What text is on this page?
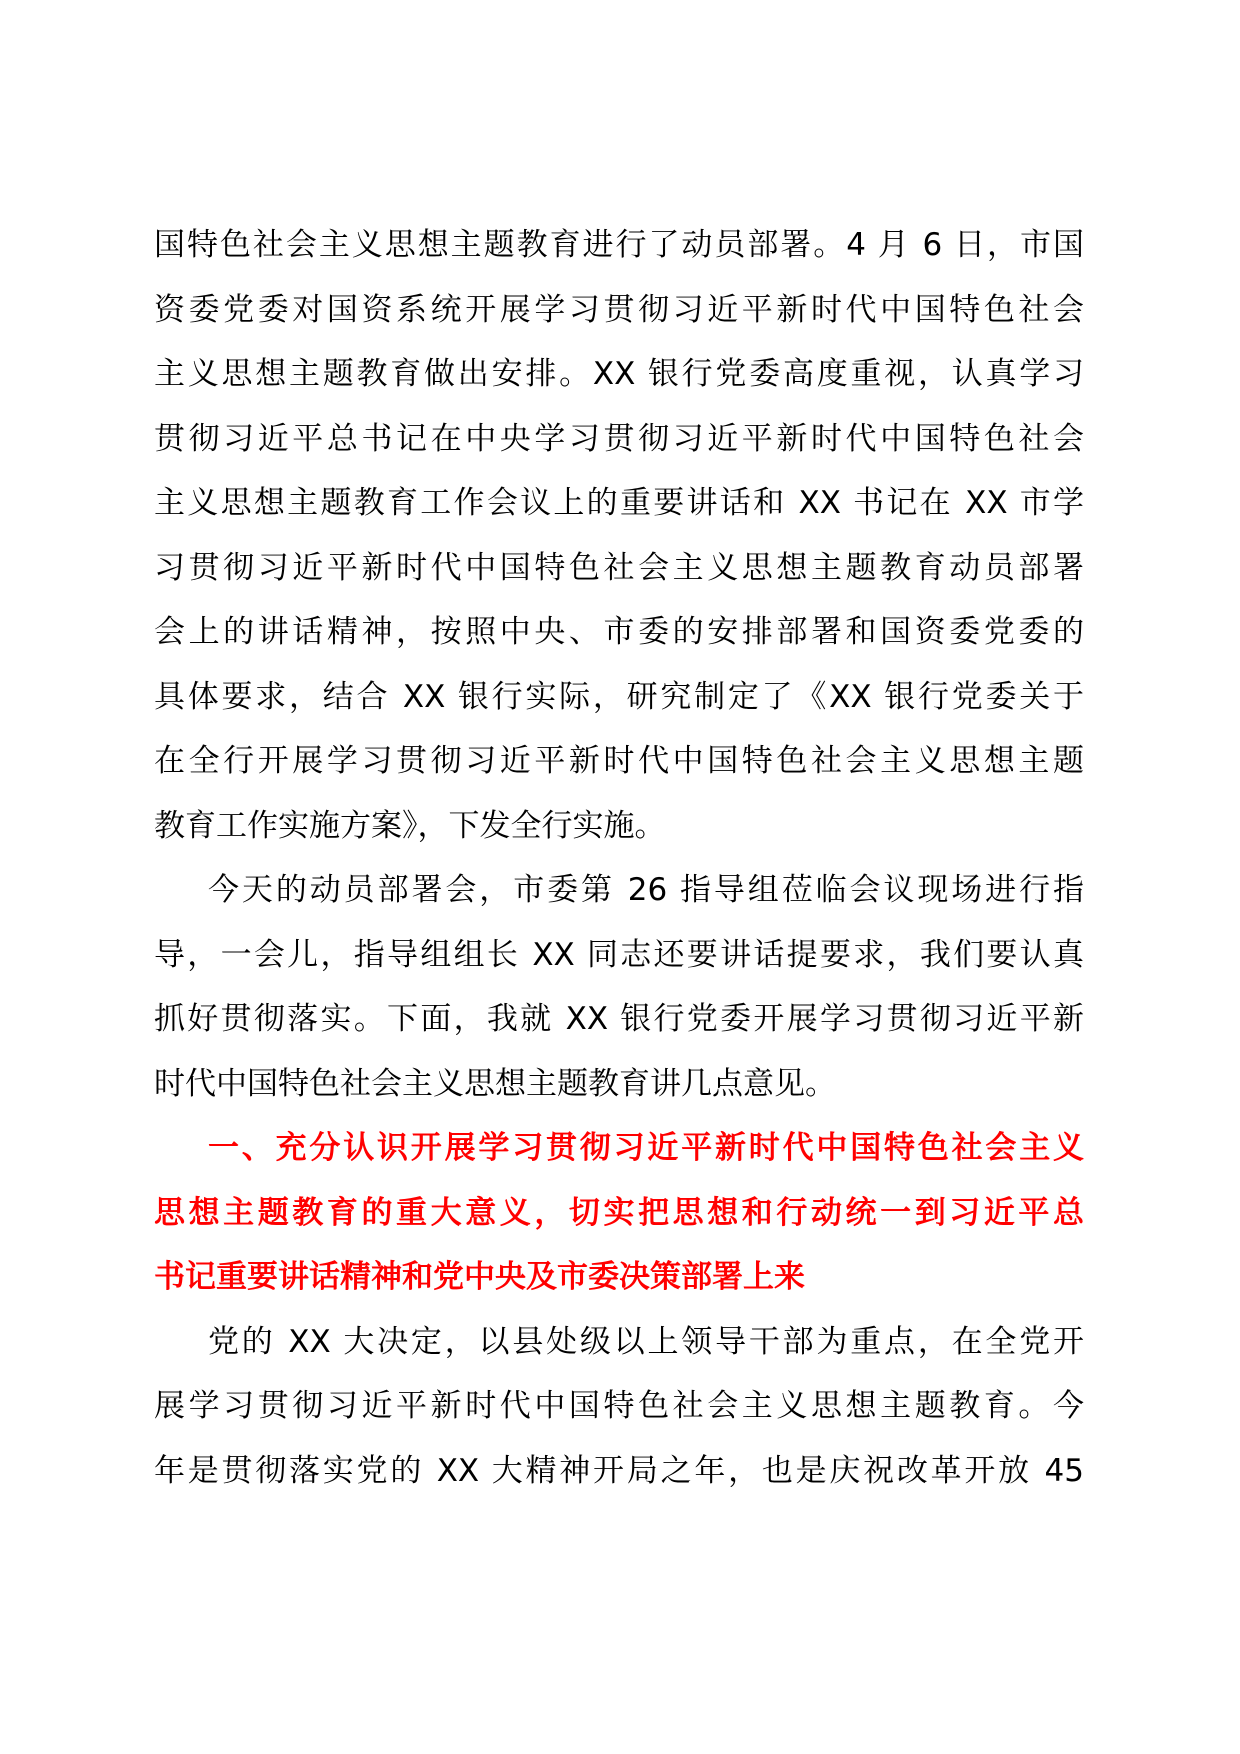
国特色社会主义思想主题教育进行了动员部署。4 月 6 日，市国
资委党委对国资系统开展学习贯彻习近平新时代中国特色社会
主义思想主题教育做出安排。XX 银行党委高度重视，认真学习
贯彻习近平总书记在中央学习贯彻习近平新时代中国特色社会
主义思想主题教育工作会议上的重要讲话和 XX 书记在 XX 市学
习贯彻习近平新时代中国特色社会主义思想主题教育动员部署
会上的讲话精神，按照中央、市委的安排部署和国资委党委的
具体要求，结合 XX 银行实际，研究制定了《XX 银行党委关于
在全行开展学习贯彻习近平新时代中国特色社会主义思想主题
教育工作实施方案》，下发全行实施。
今天的动员部署会，市委第 26 指导组莅临会议现场进行指
导，一会儿，指导组组长 XX 同志还要讲话提要求，我们要认真
抓好贯彻落实。下面，我就 XX 银行党委开展学习贯彻习近平新
时代中国特色社会主义思想主题教育讲几点意见。
一、充分认识开展学习贯彻习近平新时代中国特色社会主义
思想主题教育的重大意义，切实把思想和行动统一到习近平总
书记重要讲话精神和党中央及市委决策部署上来
党的 XX 大决定，以县处级以上领导干部为重点，在全党开
展学习贯彻习近平新时代中国特色社会主义思想主题教育。今
年是贯彻落实党的 XX 大精神开局之年，也是庆祝改革开放 45
